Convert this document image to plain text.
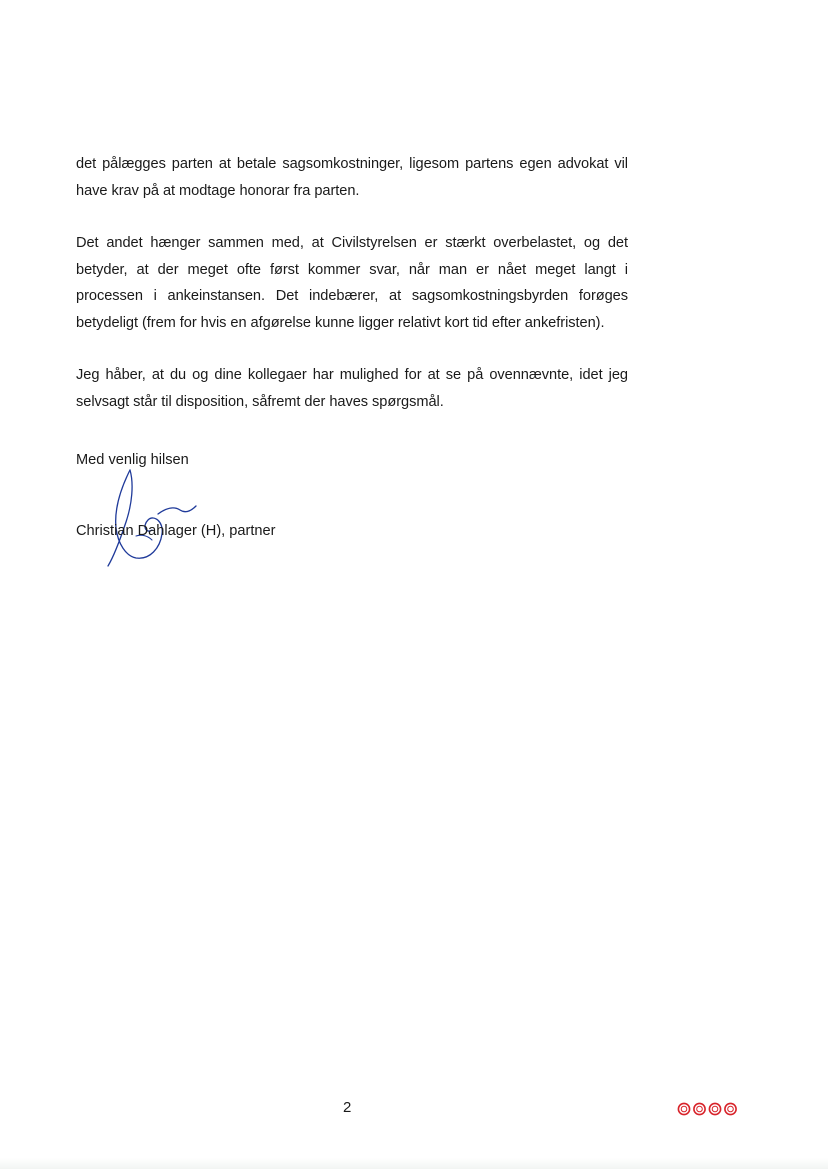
det pålægges parten at betale sagsomkostninger, ligesom partens egen advokat vil have krav på at modtage honorar fra parten.

Det andet hænger sammen med, at Civilstyrelsen er stærkt overbelastet, og det betyder, at der meget ofte først kommer svar, når man er nået meget langt i processen i ankeinstansen. Det indebærer, at sagsomkostningsbyrden forøges betydeligt (frem for hvis en afgørelse kunne ligger relativt kort tid efter ankefristen).

Jeg håber, at du og dine kollegaer har mulighed for at se på ovennævnte, idet jeg selvsagt står til disposition, såfremt der haves spørgsmål.

Med venlig hilsen

Christian Dahlager (H), partner

2
